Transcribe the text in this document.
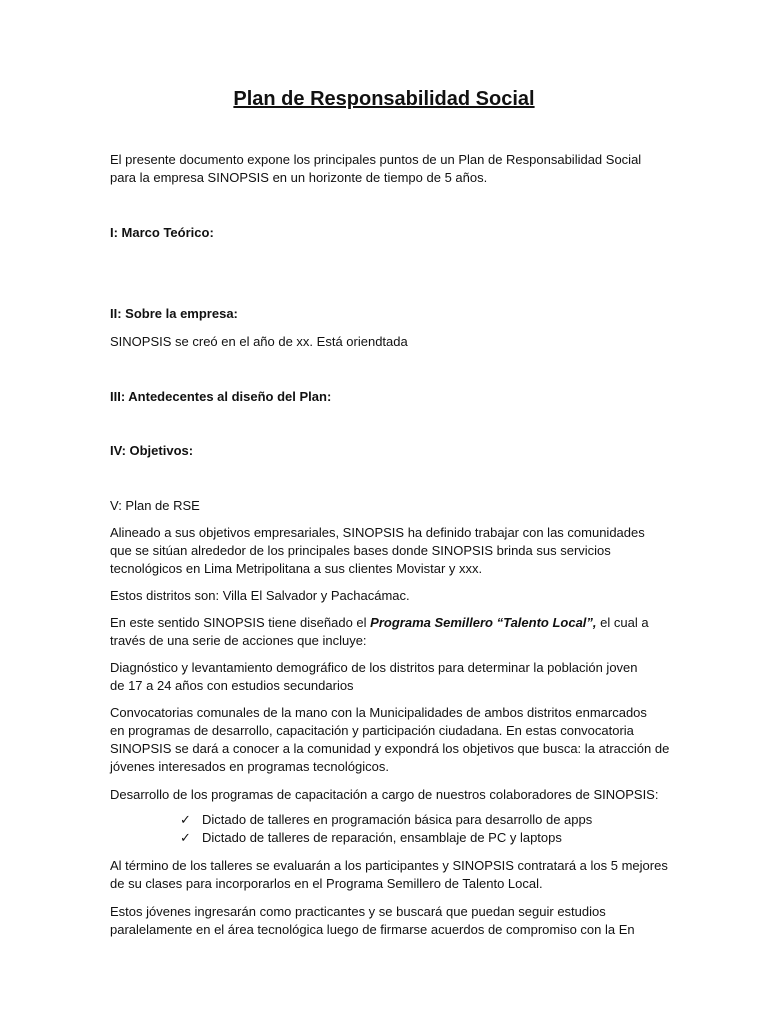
Plan de Responsabilidad Social
El presente documento expone los principales puntos de un Plan de Responsabilidad Social
para la empresa SINOPSIS en un horizonte de tiempo de 5 años.
I: Marco Teórico:
II: Sobre la empresa:
SINOPSIS se creó en el año de xx. Está oriendtada
III: Antedecentes al diseño del Plan:
IV: Objetivos:
V: Plan de RSE
Alineado a sus objetivos empresariales, SINOPSIS ha definido trabajar con las comunidades
que se sitúan alrededor de los principales bases donde SINOPSIS brinda sus servicios
tecnológicos en Lima Metripolitana a sus clientes Movistar y xxx.
Estos distritos son: Villa El Salvador y Pachacámac.
En este sentido SINOPSIS tiene diseñado el Programa Semillero “Talento Local”, el cual a
través de una serie de acciones que incluye:
Diagnóstico y levantamiento demográfico de los distritos para determinar la población joven
de 17 a 24 años con estudios secundarios
Convocatorias comunales de la mano con la Municipalidades de ambos distritos enmarcados
en programas de desarrollo, capacitación y participación ciudadana. En estas convocatoria
SINOPSIS se dará a conocer a la comunidad y expondrá los objetivos que busca: la atracción de
jóvenes interesados en programas tecnológicos.
Desarrollo de los programas de capacitación a cargo de nuestros colaboradores de SINOPSIS:
✓ Dictado de talleres en programación básica para desarrollo de apps
✓ Dictado de talleres de reparación, ensamblaje de PC y laptops
Al término de los talleres se evaluarán a los participantes y SINOPSIS contratará a los 5 mejores
de su clases para incorporarlos en el Programa Semillero de Talento Local.
Estos jóvenes ingresarán como practicantes y se buscará que puedan seguir estudios
paralelamente en el área tecnológica luego de firmarse acuerdos de compromiso con la En
